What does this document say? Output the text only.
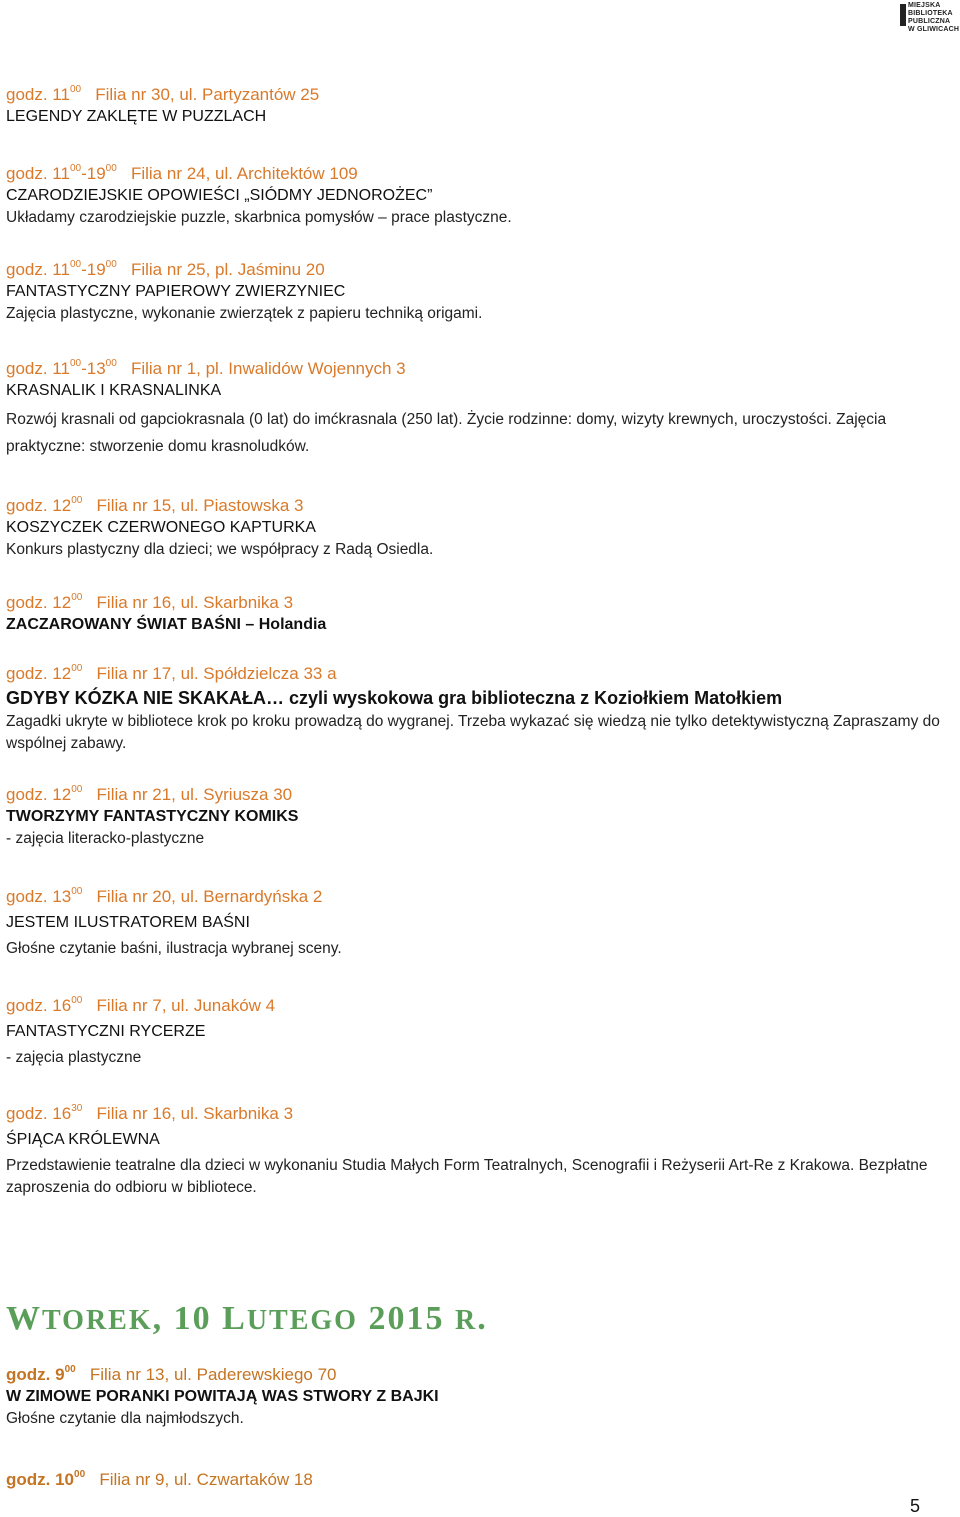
MIEJSKA
BIBLIOTEKA
PUBLICZNA
W GLIWICACH
godz. $11^{00}$ Filia nr 30, ul. Partyzantów 25
LEGENDY ZAKLĘTE W PUZZLACH
godz. $11^{00}-19^{00}$ Filia nr 24, ul. Architektów 109
CZARODZIEJSKIE OPOWIEŚCI „SIÓDMY JEDNOROŻEC”
Układamy czarodziejskie puzzle, skarbnica pomysłów – prace plastyczne.
godz. $11^{00}-19^{00}$ Filia nr 25, pl. Jaśminu 20
FANTASTYCZNY PAPIEROWY ZWIERZYNIEC
Zajęcia plastyczne, wykonanie zwierzątek z papieru techniką origami.
godz. $11^{00}-13^{00}$ Filia nr 1, pl. Inwalidów Wojennych 3
KRASNALIK I KRASNALINKA
Rozwój krasnali od gapciokrasnala (0 lat) do imćkrasnala (250 lat). Życie rodzinne: domy, wizyty krewnych, uroczystości. Zajęcia praktyczne: stworzenie domu krasnoludków.
godz. $12^{00}$ Filia nr 15, ul. Piastowska 3
KOSZYCZEK CZERWONEGO KAPTURKA
Konkurs plastyczny dla dzieci; we współpracy z Radą Osiedla.
godz. $12^{00}$ Filia nr 16, ul. Skarbnika 3
ZACZAROWANY ŚWIAT BAŚNI – Holandia
godz. $12^{00}$ Filia nr 17, ul. Spółdzielcza 33 a
GDYBY KÓZKA NIE SKAKAŁA… czyli wyskokowa gra biblioteczna z Koziołkiem Matołkiem
Zagadki ukryte w bibliotece krok po kroku prowadzą do wygranej. Trzeba wykazać się wiedzą nie tylko detektywistyczną Zapraszamy do wspólnej zabawy.
godz. $12^{00}$ Filia nr 21, ul. Syriusza 30
TWORZYMY FANTASTYCZNY KOMIKS
- zajęcia literacko-plastyczne
godz. $13^{00}$ Filia nr 20, ul. Bernardyńska 2
JESTEM ILUSTRATOREM BAŚNI
Głośne czytanie baśni, ilustracja wybranej sceny.
godz. $16^{00}$ Filia nr 7, ul. Junaków 4
FANTASTYCZNI RYCERZE
- zajęcia plastyczne
godz. $16^{30}$ Filia nr 16, ul. Skarbnika 3
ŚPIĄCA KRÓLEWNA
Przedstawienie teatralne dla dzieci w wykonaniu Studia Małych Form Teatralnych, Scenografii i Reżyserii Art-Re z Krakowa. Bezpłatne zaproszenia do odbioru w bibliotece.
WTOREK, 10 LUTEGO 2015 R.
godz. $9^{00}$ Filia nr 13, ul. Paderewskiego 70
W ZIMOWE PORANKI POWITAJĄ WAS STWORY Z BAJKI
Głośne czytanie dla najmłodszych.
godz. $10^{00}$ Filia nr 9, ul. Czwartaków 18
5
